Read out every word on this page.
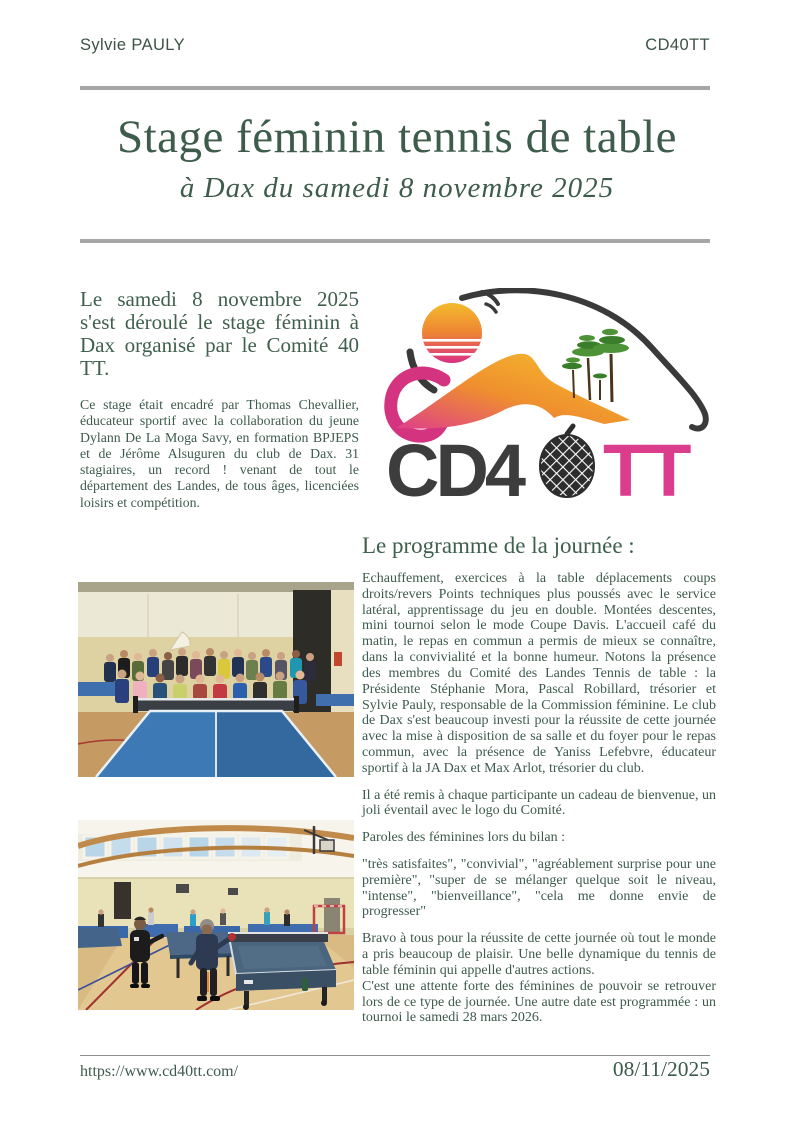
Sylvie PAULY	CD40TT
Stage féminin tennis de table
à Dax du samedi 8 novembre 2025

Le samedi 8 novembre 2025 s'est déroulé le stage féminin à Dax organisé par le Comité 40 TT.

Ce stage était encadré par Thomas Chevallier, éducateur sportif avec la collaboration du jeune Dylann De La Moga Savy, en formation BPJEPS et de Jérôme Alsuguren du club de Dax. 31 stagiaires, un record ! venant de tout le département des Landes, de tous âges, licenciées loisirs et compétition.	CD4 TT
Le programme de la journée :

Echauffement, exercices à la table déplacements coups droits/revers Points techniques plus poussés avec le service latéral, apprentissage du jeu en double. Montées descentes, mini tournoi selon le mode Coupe Davis. L'accueil café du matin, le repas en commun a permis de mieux se connaître, dans la convivialité et la bonne humeur. Notons la présence des membres du Comité des Landes Tennis de table : la Présidente Stéphanie Mora, Pascal Robillard, trésorier et Sylvie Pauly, responsable de la Commission féminine. Le club de Dax s'est beaucoup investi pour la réussite de cette journée avec la mise à disposition de sa salle et du foyer pour le repas commun, avec la présence de Yaniss Lefebvre, éducateur sportif à la JA Dax et Max Arlot, trésorier du club.

Il a été remis à chaque participante un cadeau de bienvenue, un joli éventail avec le logo du Comité.

Paroles des féminines lors du bilan :

"très satisfaites", "convivial", "agréablement surprise pour une première", "super de se mélanger quelque soit le niveau, "intense", "bienveillance", "cela me donne envie de progresser"

Bravo à tous pour la réussite de cette journée où tout le monde a pris beaucoup de plaisir. Une belle dynamique du tennis de table féminin qui appelle d'autres actions.

C'est une attente forte des féminines de pouvoir se retrouver lors de ce type de journée. Une autre date est programmée : un tournoi le samedi 28 mars 2026.

https://www.cd40tt.com/	08/11/2025
